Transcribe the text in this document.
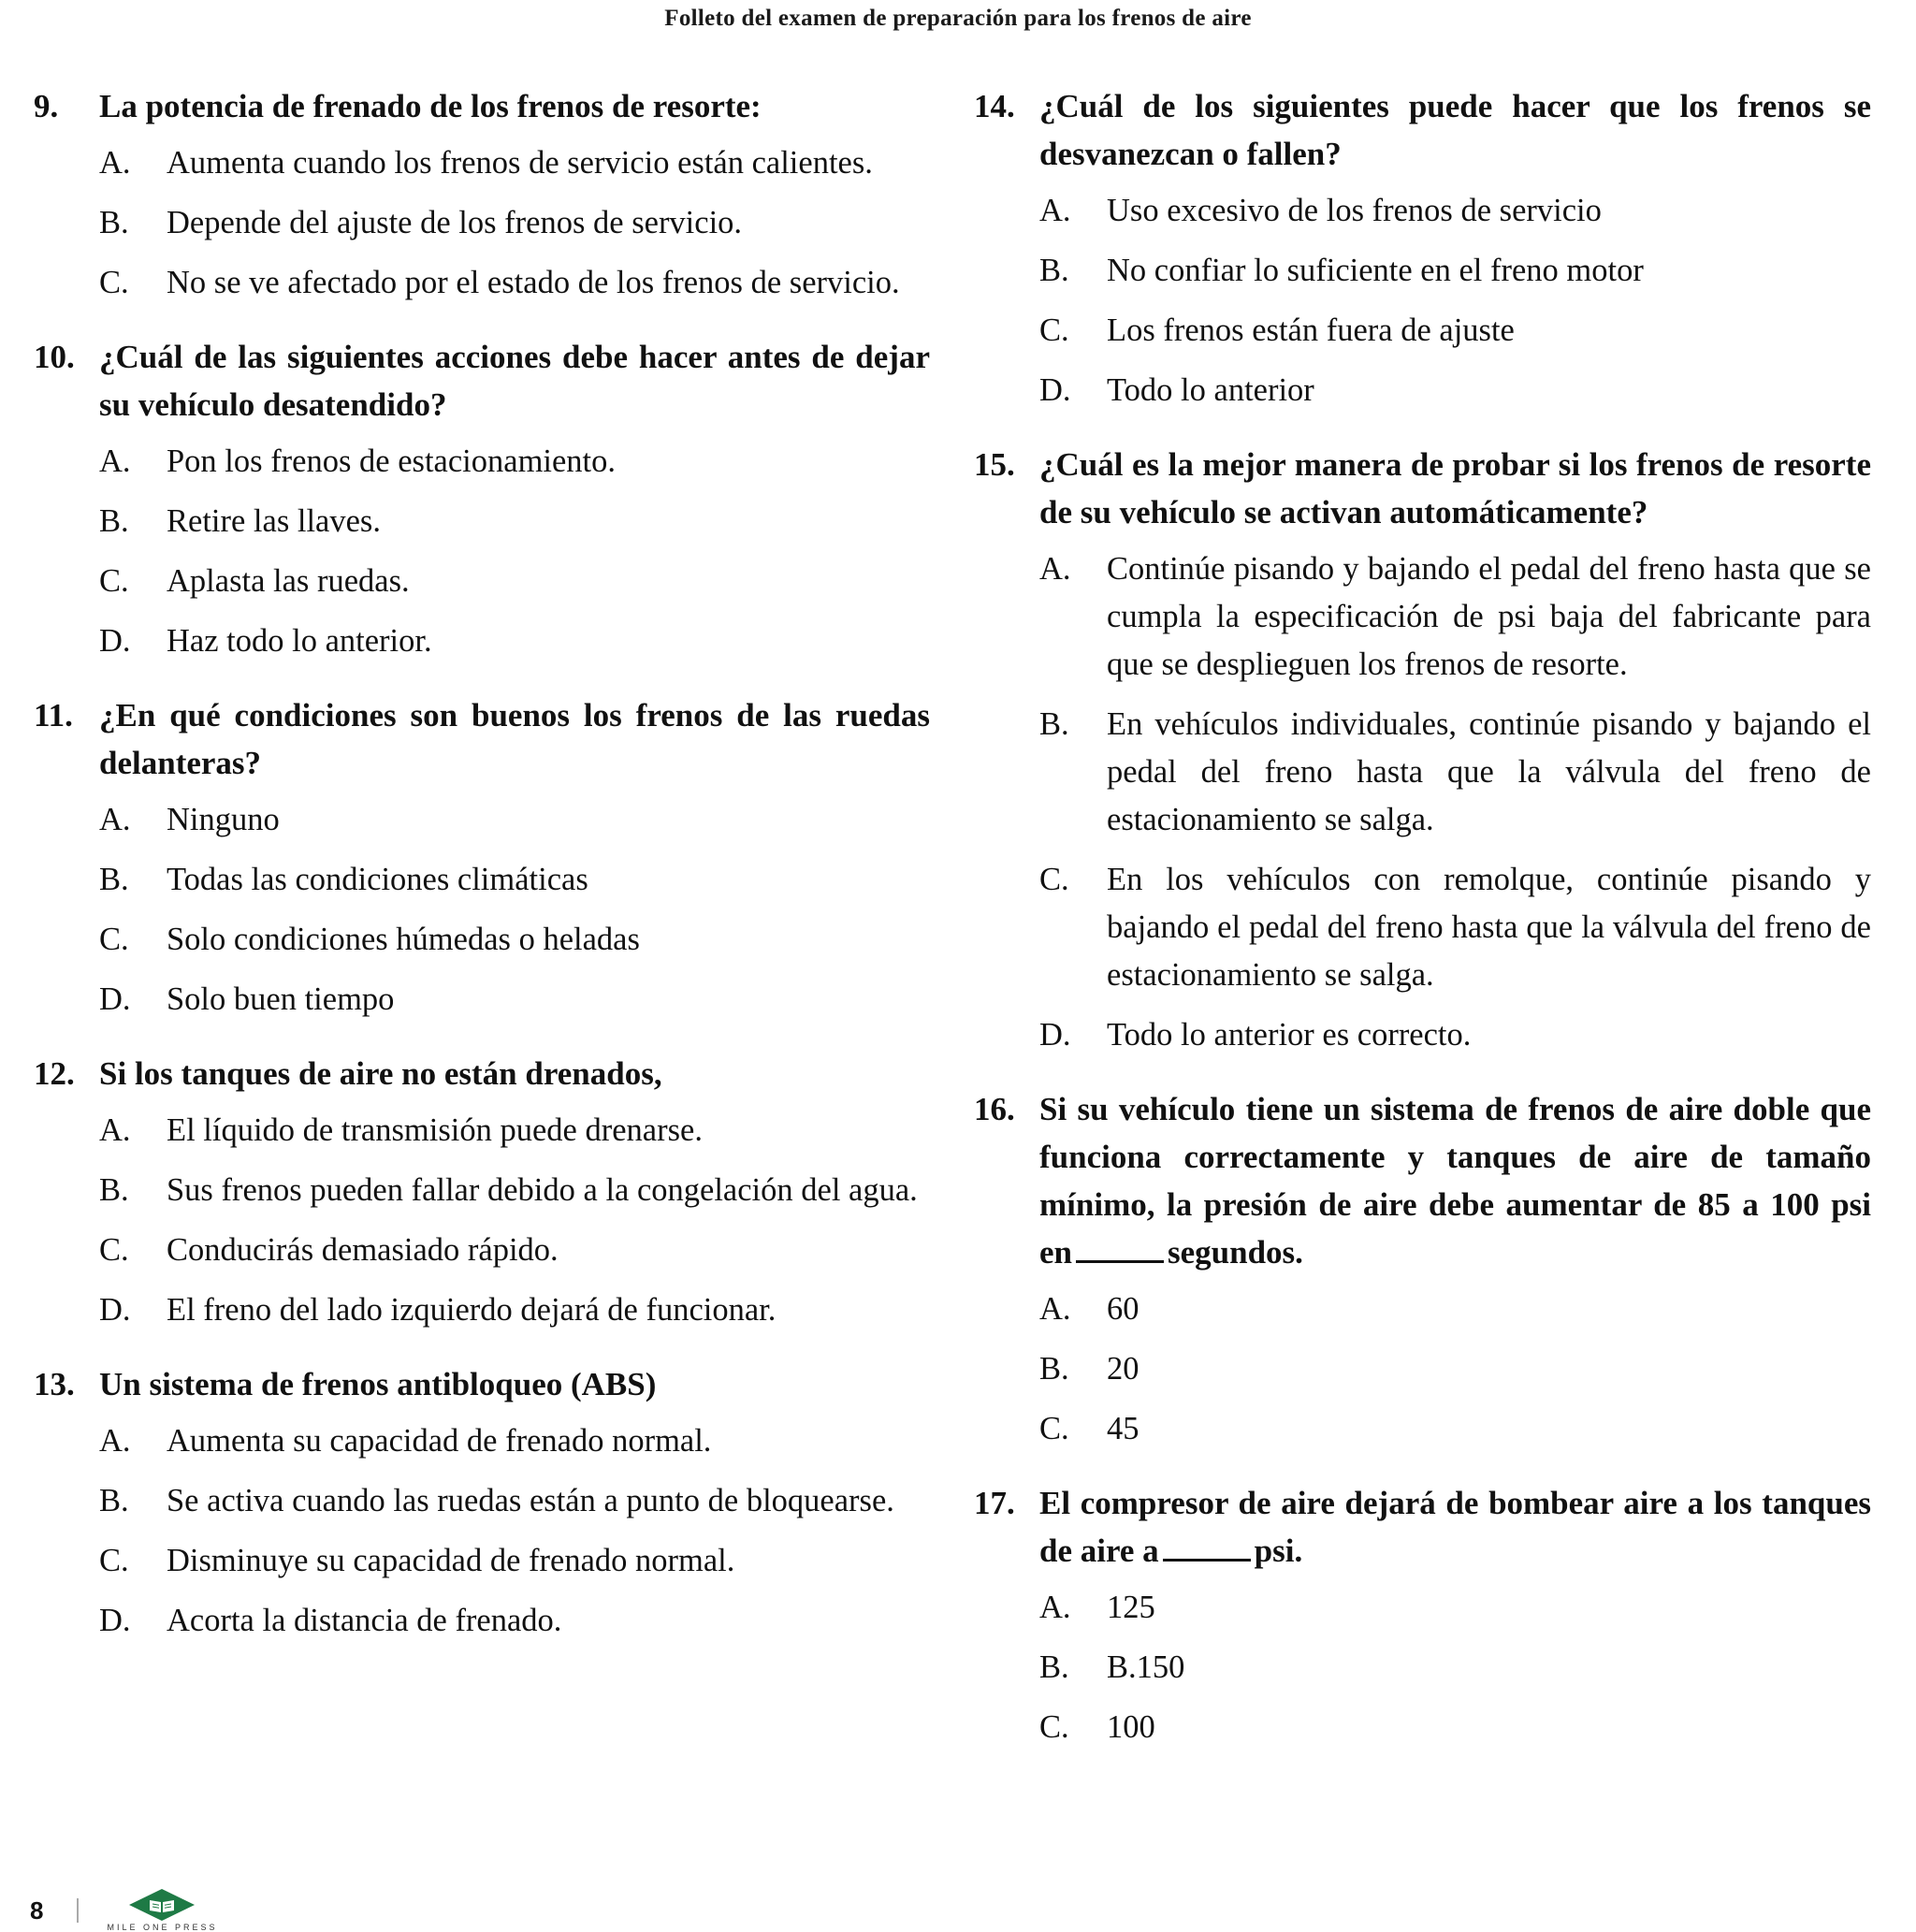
Folleto del examen de preparación para los frenos de aire
9.	La potencia de frenado de los frenos de resorte:
A.	Aumenta cuando los frenos de servicio están calientes.
B.	Depende del ajuste de los frenos de servicio.
C.	No se ve afectado por el estado de los frenos de servicio.
10. ¿Cuál de las siguientes acciones debe hacer antes de dejar su vehículo desatendido?
A.	Pon los frenos de estacionamiento.
B.	Retire las llaves.
C.	Aplasta las ruedas.
D.	Haz todo lo anterior.
11. ¿En qué condiciones son buenos los frenos de las ruedas delanteras?
A.	Ninguno
B.	Todas las condiciones climáticas
C.	Solo condiciones húmedas o heladas
D.	Solo buen tiempo
12. Si los tanques de aire no están drenados,
A.	El líquido de transmisión puede drenarse.
B.	Sus frenos pueden fallar debido a la congelación del agua.
C.	Conducirás demasiado rápido.
D.	El freno del lado izquierdo dejará de funcionar.
13. Un sistema de frenos antibloqueo (ABS)
A.	Aumenta su capacidad de frenado normal.
B.	Se activa cuando las ruedas están a punto de bloquearse.
C.	Disminuye su capacidad de frenado normal.
D.	Acorta la distancia de frenado.
14. ¿Cuál de los siguientes puede hacer que los frenos se desvanezcan o fallen?
A.	Uso excesivo de los frenos de servicio
B.	No confiar lo suficiente en el freno motor
C.	Los frenos están fuera de ajuste
D.	Todo lo anterior
15. ¿Cuál es la mejor manera de probar si los frenos de resorte de su vehículo se activan automáticamente?
A.	Continúe pisando y bajando el pedal del freno hasta que se cumpla la especificación de psi baja del fabricante para que se desplieguen los frenos de resorte.
B.	En vehículos individuales, continúe pisando y bajando el pedal del freno hasta que la válvula del freno de estacionamiento se salga.
C.	En los vehículos con remolque, continúe pisando y bajando el pedal del freno hasta que la válvula del freno de estacionamiento se salga.
D.	Todo lo anterior es correcto.
16. Si su vehículo tiene un sistema de frenos de aire doble que funciona correctamente y tanques de aire de tamaño mínimo, la presión de aire debe aumentar de 85 a 100 psi en	segundos.
A.	60
B.	20
C.	45
17. El compresor de aire dejará de bombear aire a los tanques de aire a	psi.
A.	125
B.	B.150
C.	100
8
MILE ONE PRESS
